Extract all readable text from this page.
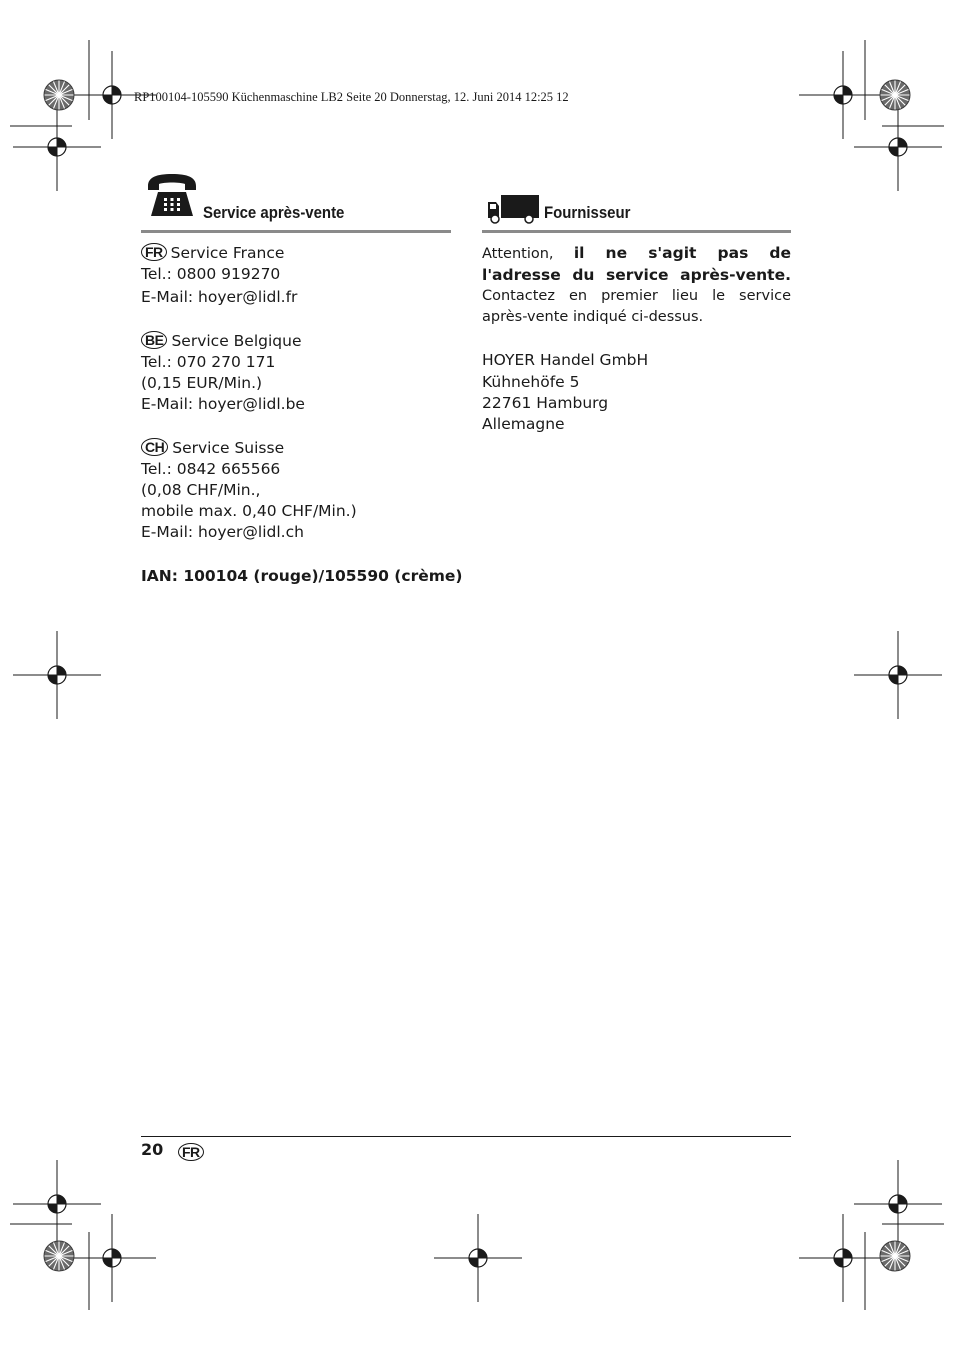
RP100104-105590 Küchenmaschine LB2 Seite 20 Donnerstag, 12. Juni 2014 12:25 12
Service après-vente
FR Service France
Tel.: 0800 919270
E-Mail: hoyer@lidl.fr
BE Service Belgique
Tel.: 070 270 171
(0,15 EUR/Min.)
E-Mail: hoyer@lidl.be
CH Service Suisse
Tel.: 0842 665566
(0,08 CHF/Min.,
mobile max. 0,40 CHF/Min.)
E-Mail: hoyer@lidl.ch
IAN: 100104 (rouge)/105590 (crème)
Fournisseur
Attention, il ne s'agit pas de l'adresse du service après-vente. Contactez en premier lieu le service après-vente indiqué ci-dessus.
HOYER Handel GmbH
Kühnehöfe 5
22761 Hamburg
Allemagne
20 FR
